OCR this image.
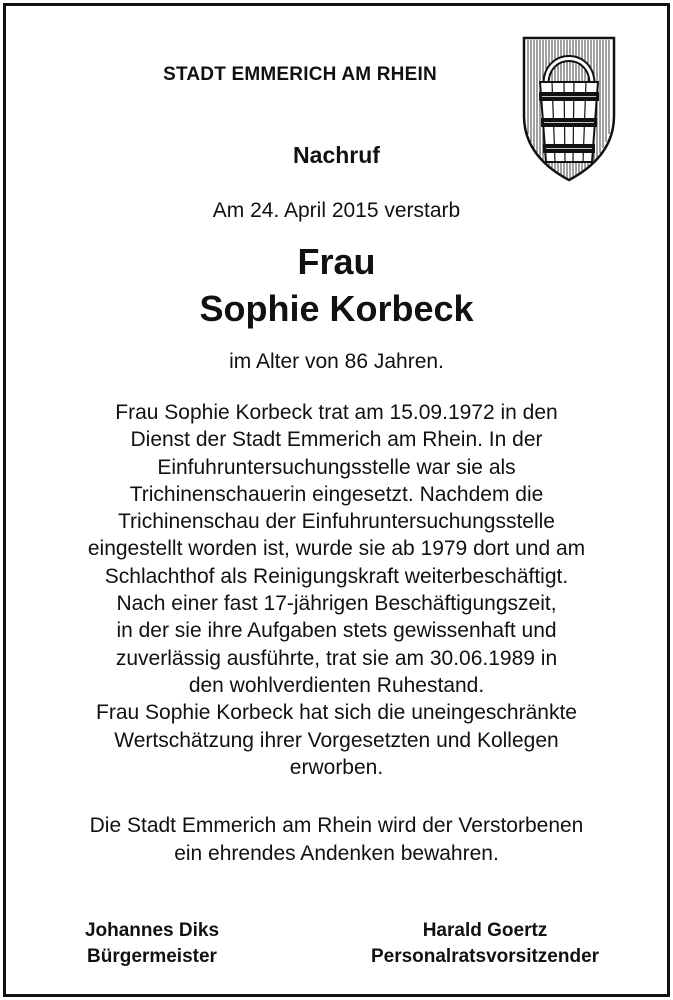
STADT EMMERICH AM RHEIN
Nachruf
Am 24. April 2015 verstarb
Frau
Sophie Korbeck
im Alter von 86 Jahren.
Frau Sophie Korbeck trat am 15.09.1972 in den
Dienst der Stadt Emmerich am Rhein. In der
Einfuhruntersuchungsstelle war sie als
Trichinenschauerin eingesetzt. Nachdem die
Trichinenschau der Einfuhruntersuchungsstelle
eingestellt worden ist, wurde sie ab 1979 dort und am
Schlachthof als Reinigungskraft weiterbeschäftigt.
Nach einer fast 17-jährigen Beschäftigungszeit,
in der sie ihre Aufgaben stets gewissenhaft und
zuverlässig ausführte, trat sie am 30.06.1989 in
den wohlverdienten Ruhestand.
Frau Sophie Korbeck hat sich die uneingeschränkte
Wertschätzung ihrer Vorgesetzten und Kollegen
erworben.
Die Stadt Emmerich am Rhein wird der Verstorbenen
ein ehrendes Andenken bewahren.
Johannes Diks
Bürgermeister
Harald Goertz
Personalratsvorsitzender
